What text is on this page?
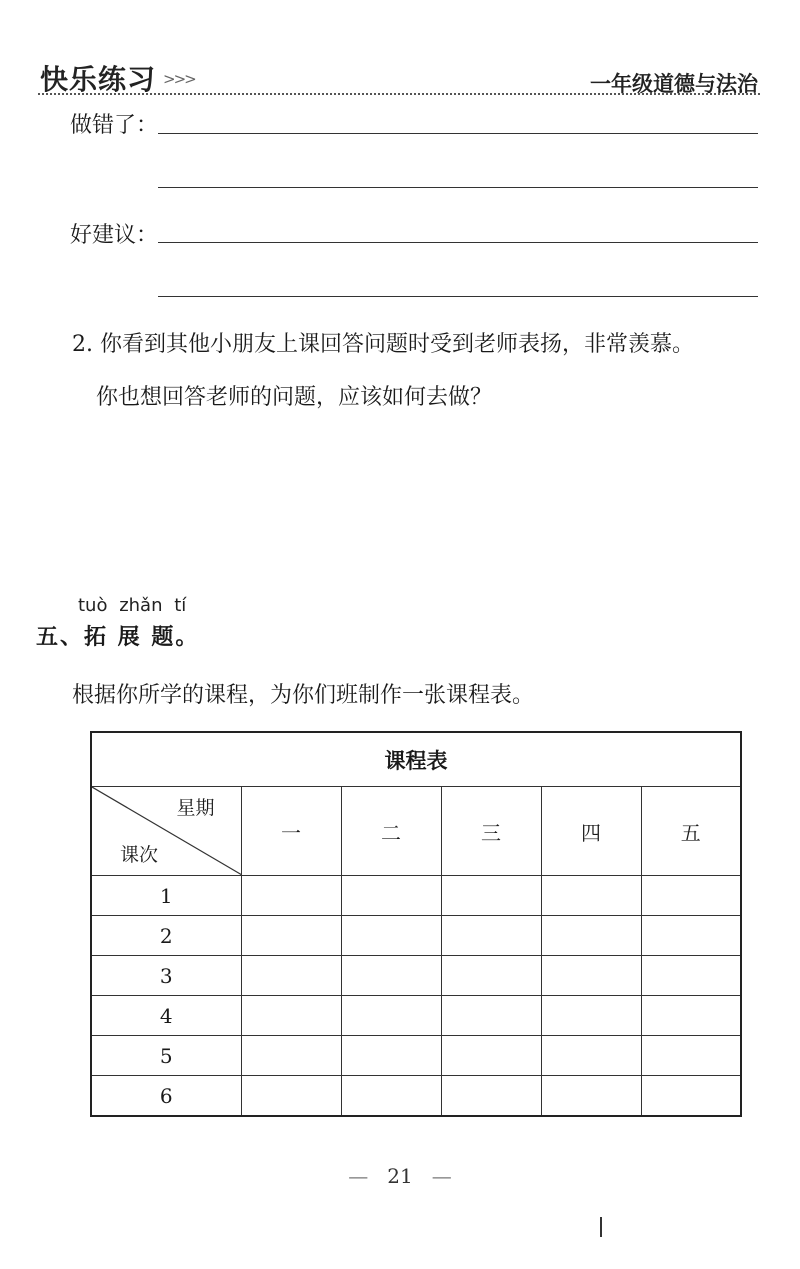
快乐练习 >>>	一年级道德与法治
做错了：
好建议：
2. 你看到其他小朋友上课回答问题时受到老师表扬，非常羡慕。
你也想回答老师的问题，应该如何去做？
tuò zhǎn tí
五、拓 展 题。
根据你所学的课程，为你们班制作一张课程表。
课程表					

星期
课次	一	二	三	四	五
1					
2					
3					
4					
5					
6					
— 21 —
